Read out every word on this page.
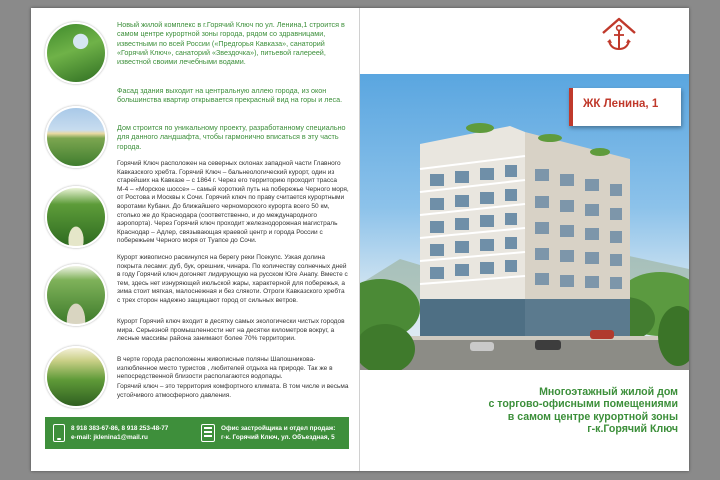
Новый жилой комплекс в г.Горячий Ключ по ул. Ленина,1 строится в самом центре курортной зоны города, рядом со здравницами, известными по всей России («Предгорья Кавказа», санаторий «Горячий Ключ», санаторий «Звездочка»), питьевой галереей, известной своими лечебными водами.

Фасад здания выходит на центральную аллею города, из окон большинства квартир открывается прекрасный вид на горы и леса.

Дом строится по уникальному проекту, разработанному специально для данного ландшафта, чтобы гармонично вписаться в эту часть города.

Горячий Ключ расположен на северных склонах западной части Главного Кавказского хребта. Горячий Ключ – бальнеологический курорт, один из старейших на Кавказе – с 1864 г. Через его территорию проходит трасса М-4 – «Морское шоссе» – самый короткий путь на побережье Черного моря, от Ростова и Москвы к Сочи. Горячий ключ по праву считается курортными воротами Кубани. До ближайшего черноморского курорта всего 50 км, столько же до Краснодара (соответственно, и до международного аэропорта). Через Горячий ключ проходит железнодорожная магистраль Краснодар – Адлер, связывающая краевой центр и города России с побережьем Черного моря от Туапсе до Сочи.

Курорт живописно раскинулся на берегу реки Псекупс. Узкая долина покрыта лесами: дуб, бук, орешник, чинара. По количеству солнечных дней в году Горячий ключ догоняет лидирующую на русском Юге Анапу. Вместе с тем, здесь нет изнуряющей июльской жары, характерной для побережья, а зима стоит мягкая, малоснежная и без слякоти. Отроги Кавказского хребта с трех сторон надежно защищают город от сильных ветров.

Курорт Горячий ключ входит в десятку самых экологически чистых городов мира. Серьезной промышленности нет на десятки километров вокруг, а лесные массивы района занимают более 70% территории.

В черте города расположены живописные поляны Шапошникова- излюбленное место туристов , любителей отдыха на природе. Так же в непосредственной близости располагаются водопады.

Горячий ключ – это территория комфортного климата. В том числе и весьма устойчивого атмосферного давления.

8 918 383-67-86, 8 918 253-48-77
e-mail: jklenina1@mail.ru
Офис застройщика и отдел продаж:
г-к. Горячий Ключ, ул. Объездная, 5
ЖК Ленина, 1
Многоэтажный жилой дом
с торгово-офисными помещениями
в самом центре курортной зоны
г-к.Горячий Ключ
